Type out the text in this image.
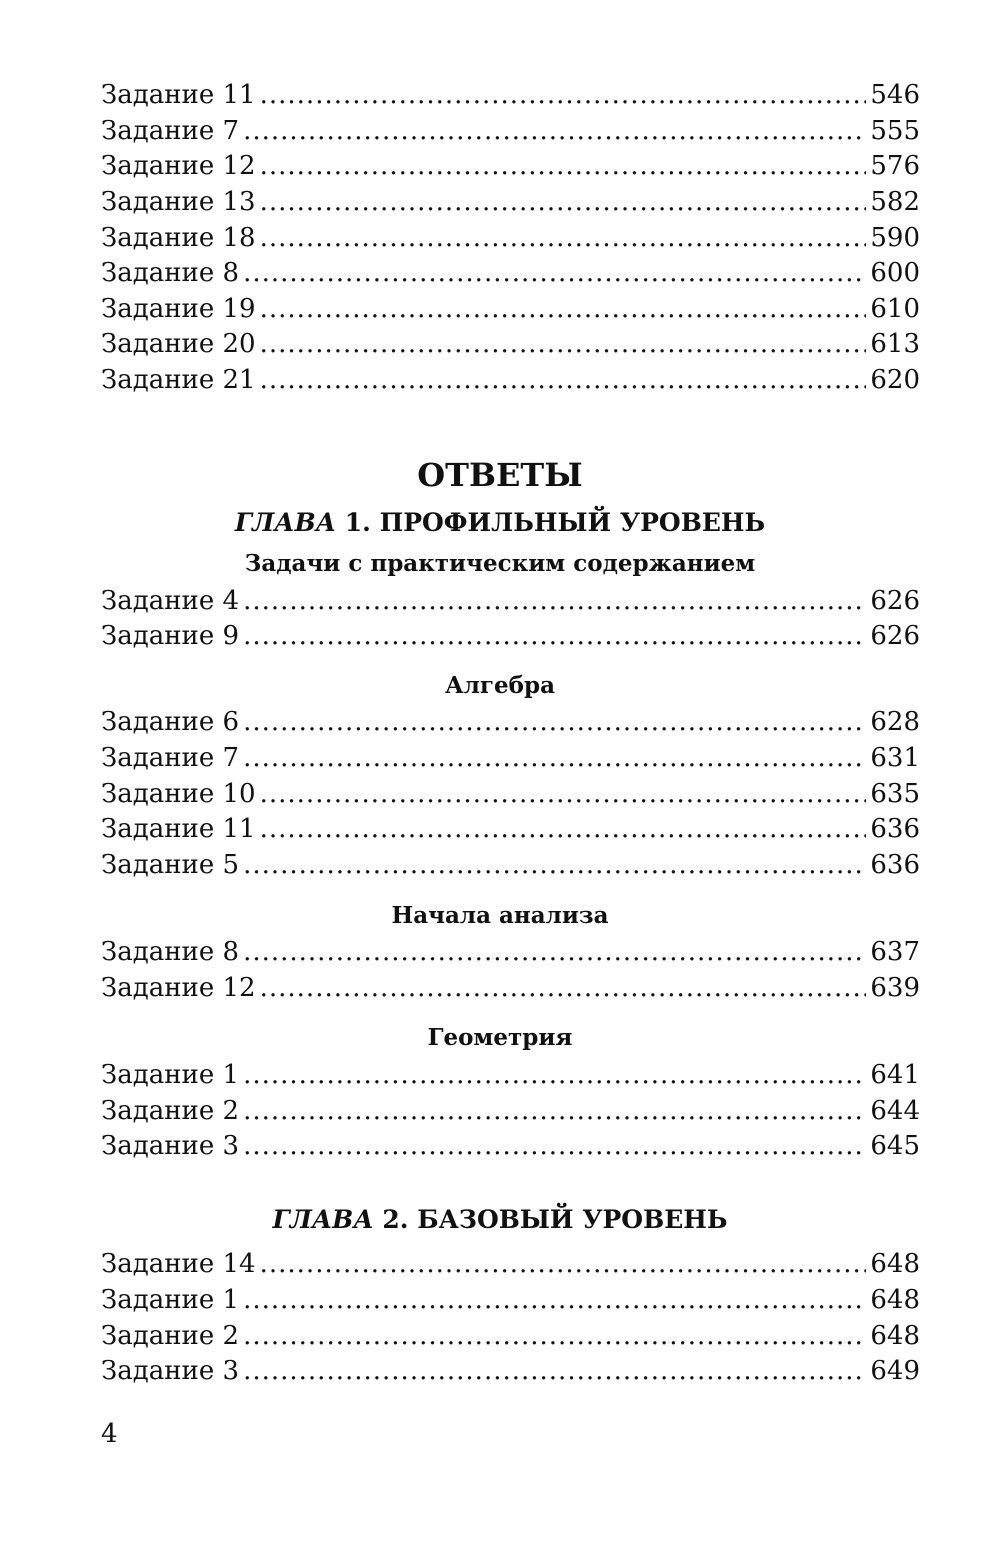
Задание 11 .....	546
Задание 7 .....	555
Задание 12 .....	576
Задание 13 .....	582
Задание 18 .....	590
Задание 8 .....	600
Задание 19 .....	610
Задание 20 .....	613
Задание 21 .....	620
ОТВЕТЫ
ГЛАВА 1. ПРОФИЛЬНЫЙ УРОВЕНЬ
Задачи с практическим содержанием
Задание 4 .....	626
Задание 9 .....	626
Алгебра
Задание 6 .....	628
Задание 7 .....	631
Задание 10 .....	635
Задание 11 .....	636
Задание 5 .....	636
Начала анализа
Задание 8 .....	637
Задание 12 .....	639
Геометрия
Задание 1 .....	641
Задание 2 .....	644
Задание 3 .....	645
ГЛАВА 2. БАЗОВЫЙ УРОВЕНЬ
Задание 14 .....	648
Задание 1 .....	648
Задание 2 .....	648
Задание 3 .....	649
4
